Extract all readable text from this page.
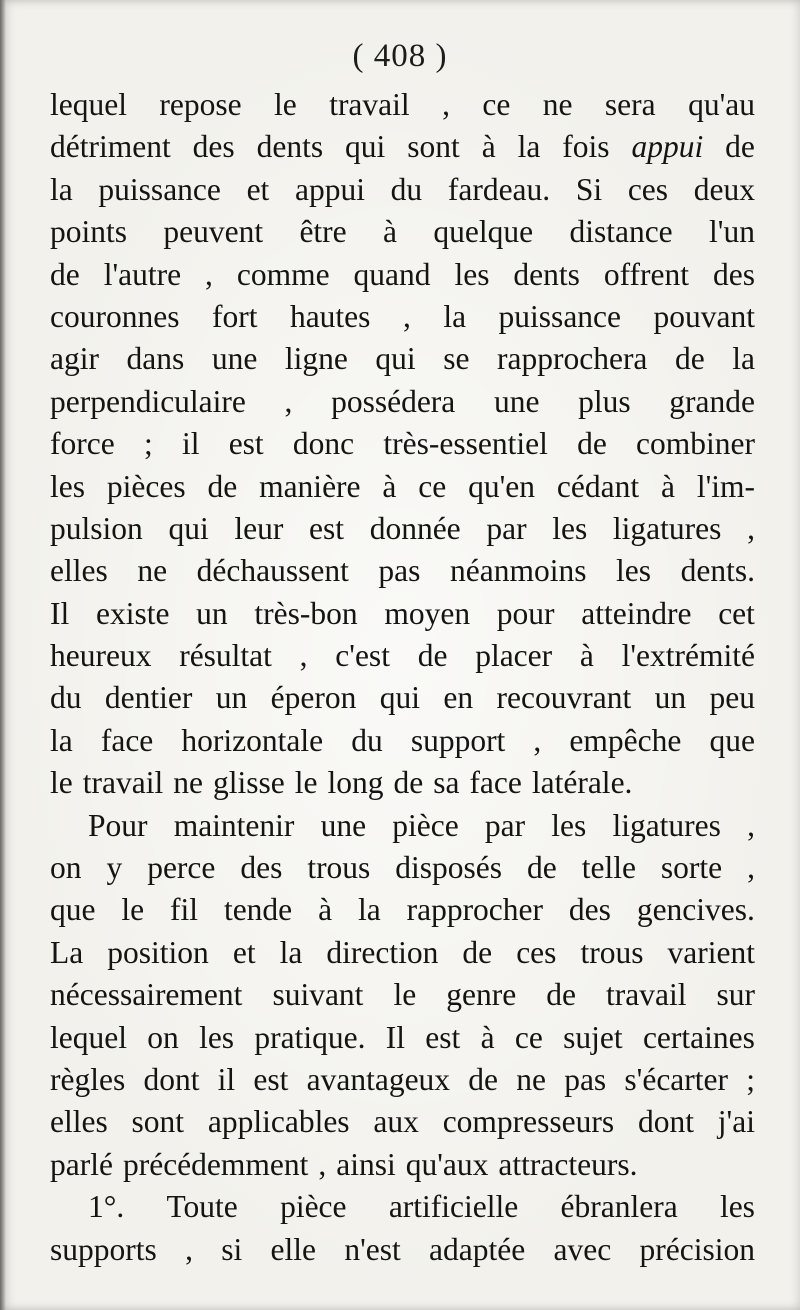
( 408 )
lequel repose le travail , ce ne sera qu'au
détriment des dents qui sont à la fois appui de
la puissance et appui du fardeau. Si ces deux
points peuvent être à quelque distance l'un
de l'autre , comme quand les dents offrent des
couronnes fort hautes , la puissance pouvant
agir dans une ligne qui se rapprochera de la
perpendiculaire , possédera une plus grande
force ; il est donc très-essentiel de combiner
les pièces de manière à ce qu'en cédant à l'im-
pulsion qui leur est donnée par les ligatures ,
elles ne déchaussent pas néanmoins les dents.
Il existe un très-bon moyen pour atteindre cet
heureux résultat , c'est de placer à l'extrémité
du dentier un éperon qui en recouvrant un peu
la face horizontale du support , empêche que
le travail ne glisse le long de sa face latérale.
Pour maintenir une pièce par les ligatures ,
on y perce des trous disposés de telle sorte ,
que le fil tende à la rapprocher des gencives.
La position et la direction de ces trous varient
nécessairement suivant le genre de travail sur
lequel on les pratique. Il est à ce sujet certaines
règles dont il est avantageux de ne pas s'écarter ;
elles sont applicables aux compresseurs dont j'ai
parlé précédemment , ainsi qu'aux attracteurs.
1°. Toute pièce artificielle ébranlera les
supports , si elle n'est adaptée avec précision
